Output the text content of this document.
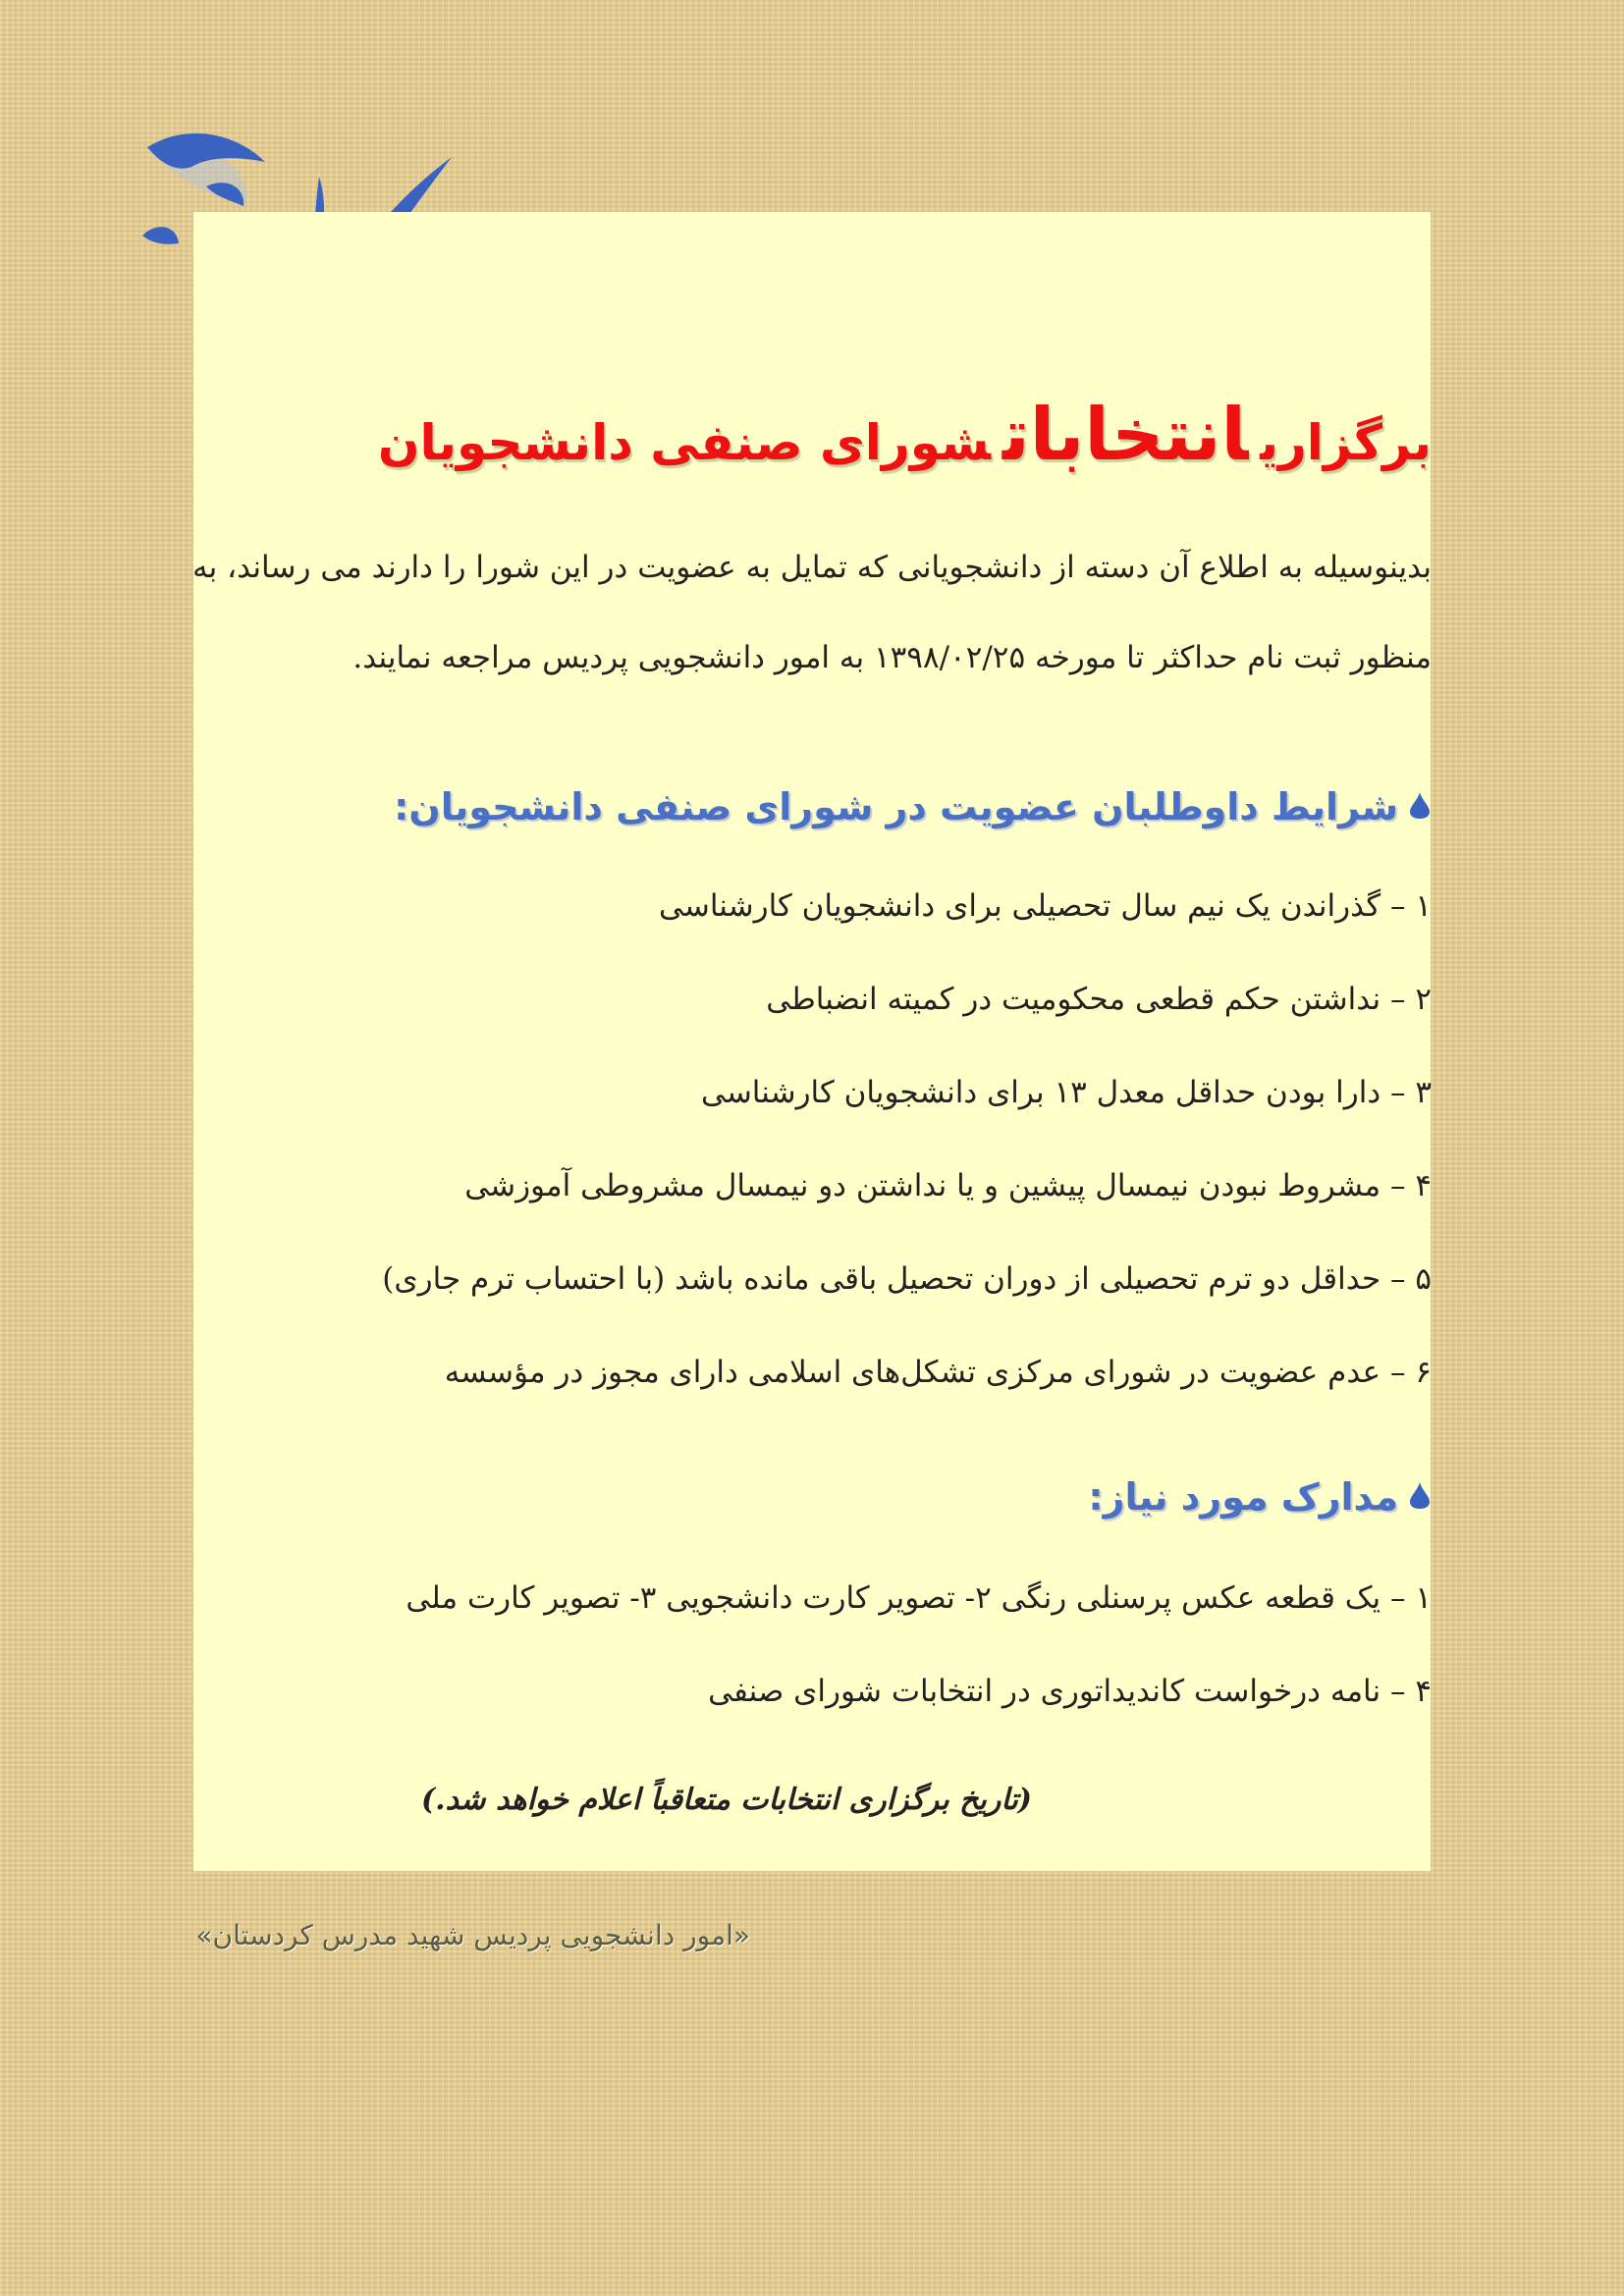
برگزاریانتخاباتشورای صنفی دانشجویان
بدینوسیله به اطلاع آن دسته از دانشجویانی که تمایل به عضویت در این شورا را دارند می رساند، به منظور ثبت نام حداکثر تا مورخه ۱۳۹۸/۰۲/۲۵ به امور دانشجویی پردیس مراجعه نمایند.
شرایط داوطلبان عضویت در شورای صنفی دانشجویان:
۱ – گذراندن یک نیم سال تحصیلی برای دانشجویان کارشناسی
۲ – نداشتن حکم قطعی محکومیت در کمیته انضباطی
۳ – دارا بودن حداقل معدل ۱۳ برای دانشجویان کارشناسی
۴ – مشروط نبودن نیمسال پیشین و یا نداشتن دو نیمسال مشروطی آموزشی
۵ – حداقل دو ترم تحصیلی از دوران تحصیل باقی مانده باشد (با احتساب ترم جاری)
۶ – عدم عضویت در شورای مرکزی تشکل‌های اسلامی دارای مجوز در مؤسسه
مدارک مورد نیاز:
۱ – یک قطعه عکس پرسنلی رنگی ۲- تصویر کارت دانشجویی ۳- تصویر کارت ملی
۴ – نامه درخواست کاندیداتوری در انتخابات شورای صنفی
(تاریخ برگزاری انتخابات متعاقباً اعلام خواهد شد.)
«امور دانشجویی پردیس شهید مدرس کردستان»
